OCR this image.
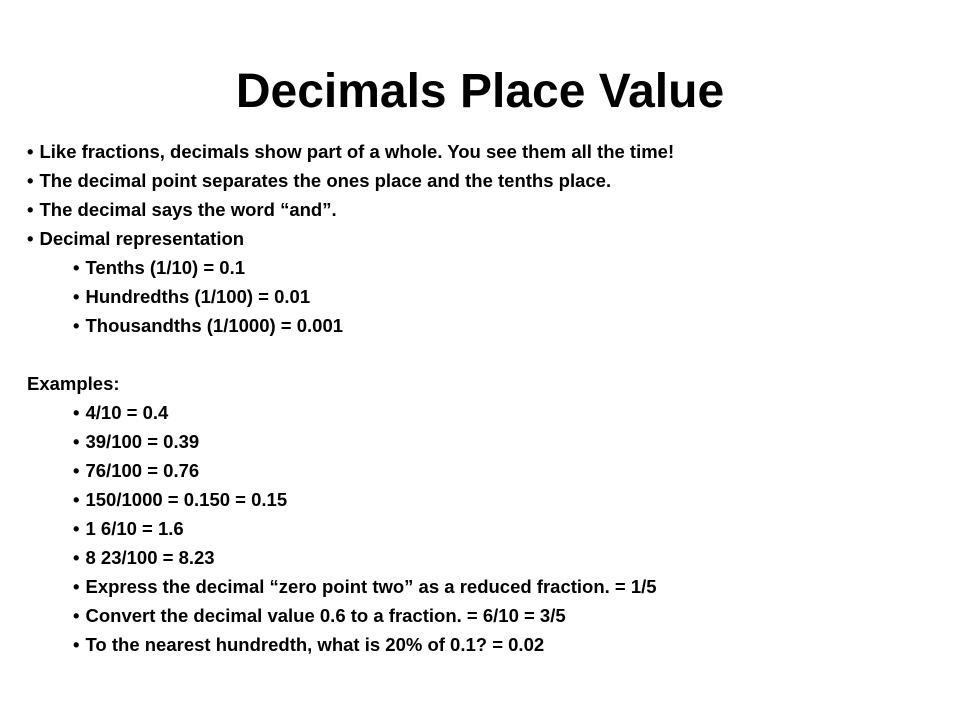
Decimals Place Value
• Like fractions, decimals show part of a whole. You see them all the time!
• The decimal point separates the ones place and the tenths place.
• The decimal says the word “and”.
• Decimal representation
• Tenths (1/10) = 0.1
• Hundredths (1/100) = 0.01
• Thousandths (1/1000) = 0.001
Examples:
• 4/10 = 0.4
• 39/100 = 0.39
• 76/100 = 0.76
• 150/1000 = 0.150 = 0.15
• 1 6/10 = 1.6
• 8 23/100 = 8.23
• Express the decimal “zero point two” as a reduced fraction. = 1/5
• Convert the decimal value 0.6 to a fraction. = 6/10 = 3/5
• To the nearest hundredth, what is 20% of 0.1? = 0.02
